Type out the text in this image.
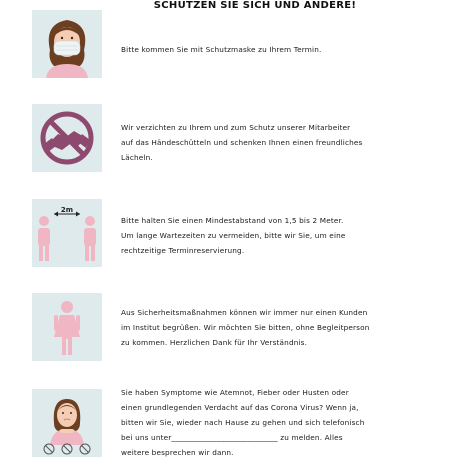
SCHÜTZEN SIE SICH UND ANDERE!

Bitte kommen Sie mit Schutzmaske zu Ihrem Termin.

Wir verzichten zu Ihrem und zum Schutz unserer Mitarbeiter

auf das Händeschütteln und schenken Ihnen einen freundliches

Lächeln.

2m

Bitte halten Sie einen Mindestabstand von 1,5 bis 2 Meter.

Um lange Wartezeiten zu vermeiden, bitte wir Sie, um eine

rechtzeitige Terminreservierung.

Aus Sicherheitsmaßnahmen können wir immer nur einen Kunden

im Institut begrüßen. Wir möchten Sie bitten, ohne Begleitperson

zu kommen. Herzlichen Dank für Ihr Verständnis.

Sie haben Symptome wie Atemnot, Fieber oder Husten oder

einen grundlegenden Verdacht auf das Corona Virus? Wenn ja,

bitten wir Sie, wieder nach Hause zu gehen und sich telefonisch

bei uns unter____________________________ zu melden. Alles

weitere besprechen wir dann.
